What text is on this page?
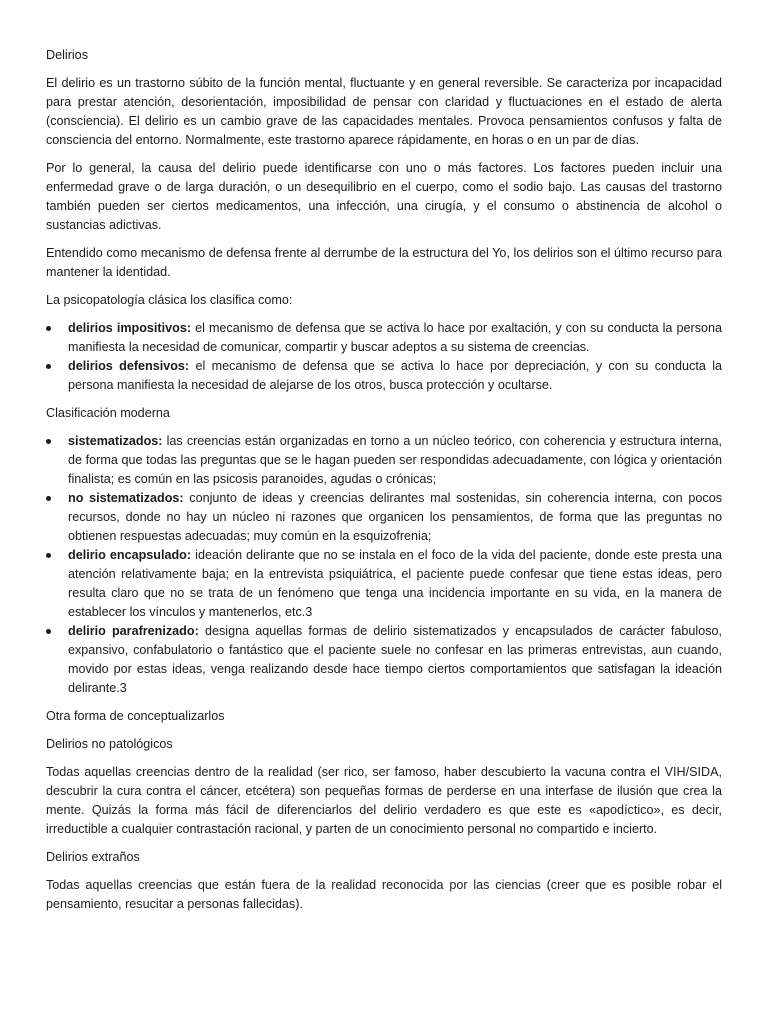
Delirios

El delirio es un trastorno súbito de la función mental, fluctuante y en general reversible. Se caracteriza por incapacidad para prestar atención, desorientación, imposibilidad de pensar con claridad y fluctuaciones en el estado de alerta (consciencia). El delirio es un cambio grave de las capacidades mentales. Provoca pensamientos confusos y falta de consciencia del entorno. Normalmente, este trastorno aparece rápidamente, en horas o en un par de días.

Por lo general, la causa del delirio puede identificarse con uno o más factores. Los factores pueden incluir una enfermedad grave o de larga duración, o un desequilibrio en el cuerpo, como el sodio bajo. Las causas del trastorno también pueden ser ciertos medicamentos, una infección, una cirugía, y el consumo o abstinencia de alcohol o sustancias adictivas.

Entendido como mecanismo de defensa frente al derrumbe de la estructura del Yo, los delirios son el último recurso para mantener la identidad.

La psicopatología clásica los clasifica como:

delirios impositivos: el mecanismo de defensa que se activa lo hace por exaltación, y con su conducta la persona manifiesta la necesidad de comunicar, compartir y buscar adeptos a su sistema de creencias.
delirios defensivos: el mecanismo de defensa que se activa lo hace por depreciación, y con su conducta la persona manifiesta la necesidad de alejarse de los otros, busca protección y ocultarse.
Clasificación moderna
sistematizados: las creencias están organizadas en torno a un núcleo teórico, con coherencia y estructura interna, de forma que todas las preguntas que se le hagan pueden ser respondidas adecuadamente, con lógica y orientación finalista; es común en las psicosis paranoides, agudas o crónicas;
no sistematizados: conjunto de ideas y creencias delirantes mal sostenidas, sin coherencia interna, con pocos recursos, donde no hay un núcleo ni razones que organicen los pensamientos, de forma que las preguntas no obtienen respuestas adecuadas; muy común en la esquizofrenia;
delirio encapsulado: ideación delirante que no se instala en el foco de la vida del paciente, donde este presta una atención relativamente baja; en la entrevista psiquiátrica, el paciente puede confesar que tiene estas ideas, pero resulta claro que no se trata de un fenómeno que tenga una incidencia importante en su vida, en la manera de establecer los vínculos y mantenerlos, etc.3
delirio parafrenizado: designa aquellas formas de delirio sistematizados y encapsulados de carácter fabuloso, expansivo, confabulatorio o fantástico que el paciente suele no confesar en las primeras entrevistas, aun cuando, movido por estas ideas, venga realizando desde hace tiempo ciertos comportamientos que satisfagan la ideación delirante.3
Otra forma de conceptualizarlos
Delirios no patológicos

Todas aquellas creencias dentro de la realidad (ser rico, ser famoso, haber descubierto la vacuna contra el VIH/SIDA, descubrir la cura contra el cáncer, etcétera) son pequeñas formas de perderse en una interfase de ilusión que crea la mente. Quizás la forma más fácil de diferenciarlos del delirio verdadero es que este es «apodíctico», es decir, irreductible a cualquier contrastación racional, y parten de un conocimiento personal no compartido e incierto.

Delirios extraños

Todas aquellas creencias que están fuera de la realidad reconocida por las ciencias (creer que es posible robar el pensamiento, resucitar a personas fallecidas).
